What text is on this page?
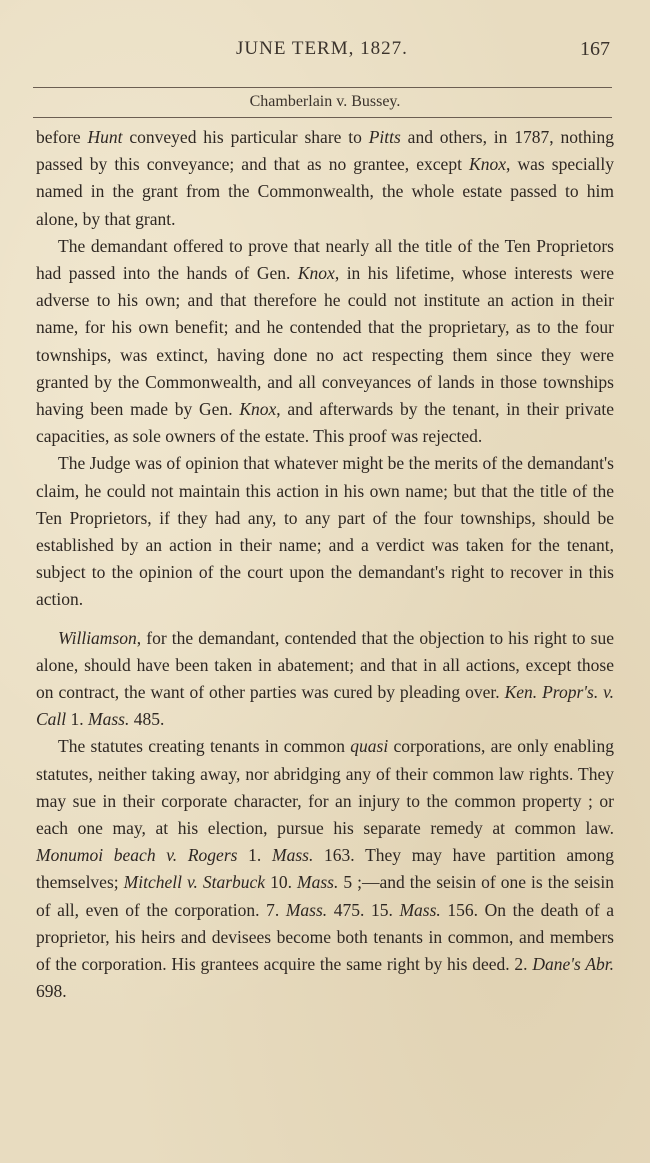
JUNE TERM, 1827.	167
Chamberlain v. Bussey.

before Hunt conveyed his particular share to Pitts and others, in 1787, nothing passed by this conveyance; and that as no grantee, except Knox, was specially named in the grant from the Commonwealth, the whole estate passed to him alone, by that grant.

The demandant offered to prove that nearly all the title of the Ten Proprietors had passed into the hands of Gen. Knox, in his lifetime, whose interests were adverse to his own; and that therefore he could not institute an action in their name, for his own benefit; and he contended that the proprietary, as to the four townships, was extinct, having done no act respecting them since they were granted by the Commonwealth, and all conveyances of lands in those townships having been made by Gen. Knox, and afterwards by the tenant, in their private capacities, as sole owners of the estate. This proof was rejected.

The Judge was of opinion that whatever might be the merits of the demandant's claim, he could not maintain this action in his own name; but that the title of the Ten Proprietors, if they had any, to any part of the four townships, should be established by an action in their name; and a verdict was taken for the tenant, subject to the opinion of the court upon the demandant's right to recover in this action.

Williamson, for the demandant, contended that the objection to his right to sue alone, should have been taken in abatement; and that in all actions, except those on contract, the want of other parties was cured by pleading over. Ken. Propr's. v. Call 1. Mass. 485.

The statutes creating tenants in common quasi corporations, are only enabling statutes, neither taking away, nor abridging any of their common law rights. They may sue in their corporate character, for an injury to the common property ; or each one may, at his election, pursue his separate remedy at common law. Monumoi beach v. Rogers 1. Mass. 163. They may have partition among themselves; Mitchell v. Starbuck 10. Mass. 5 ;—and the seisin of one is the seisin of all, even of the corporation. 7. Mass. 475. 15. Mass. 156. On the death of a proprietor, his heirs and devisees become both tenants in common, and members of the corporation. His grantees acquire the same right by his deed. 2. Dane's Abr. 698.
